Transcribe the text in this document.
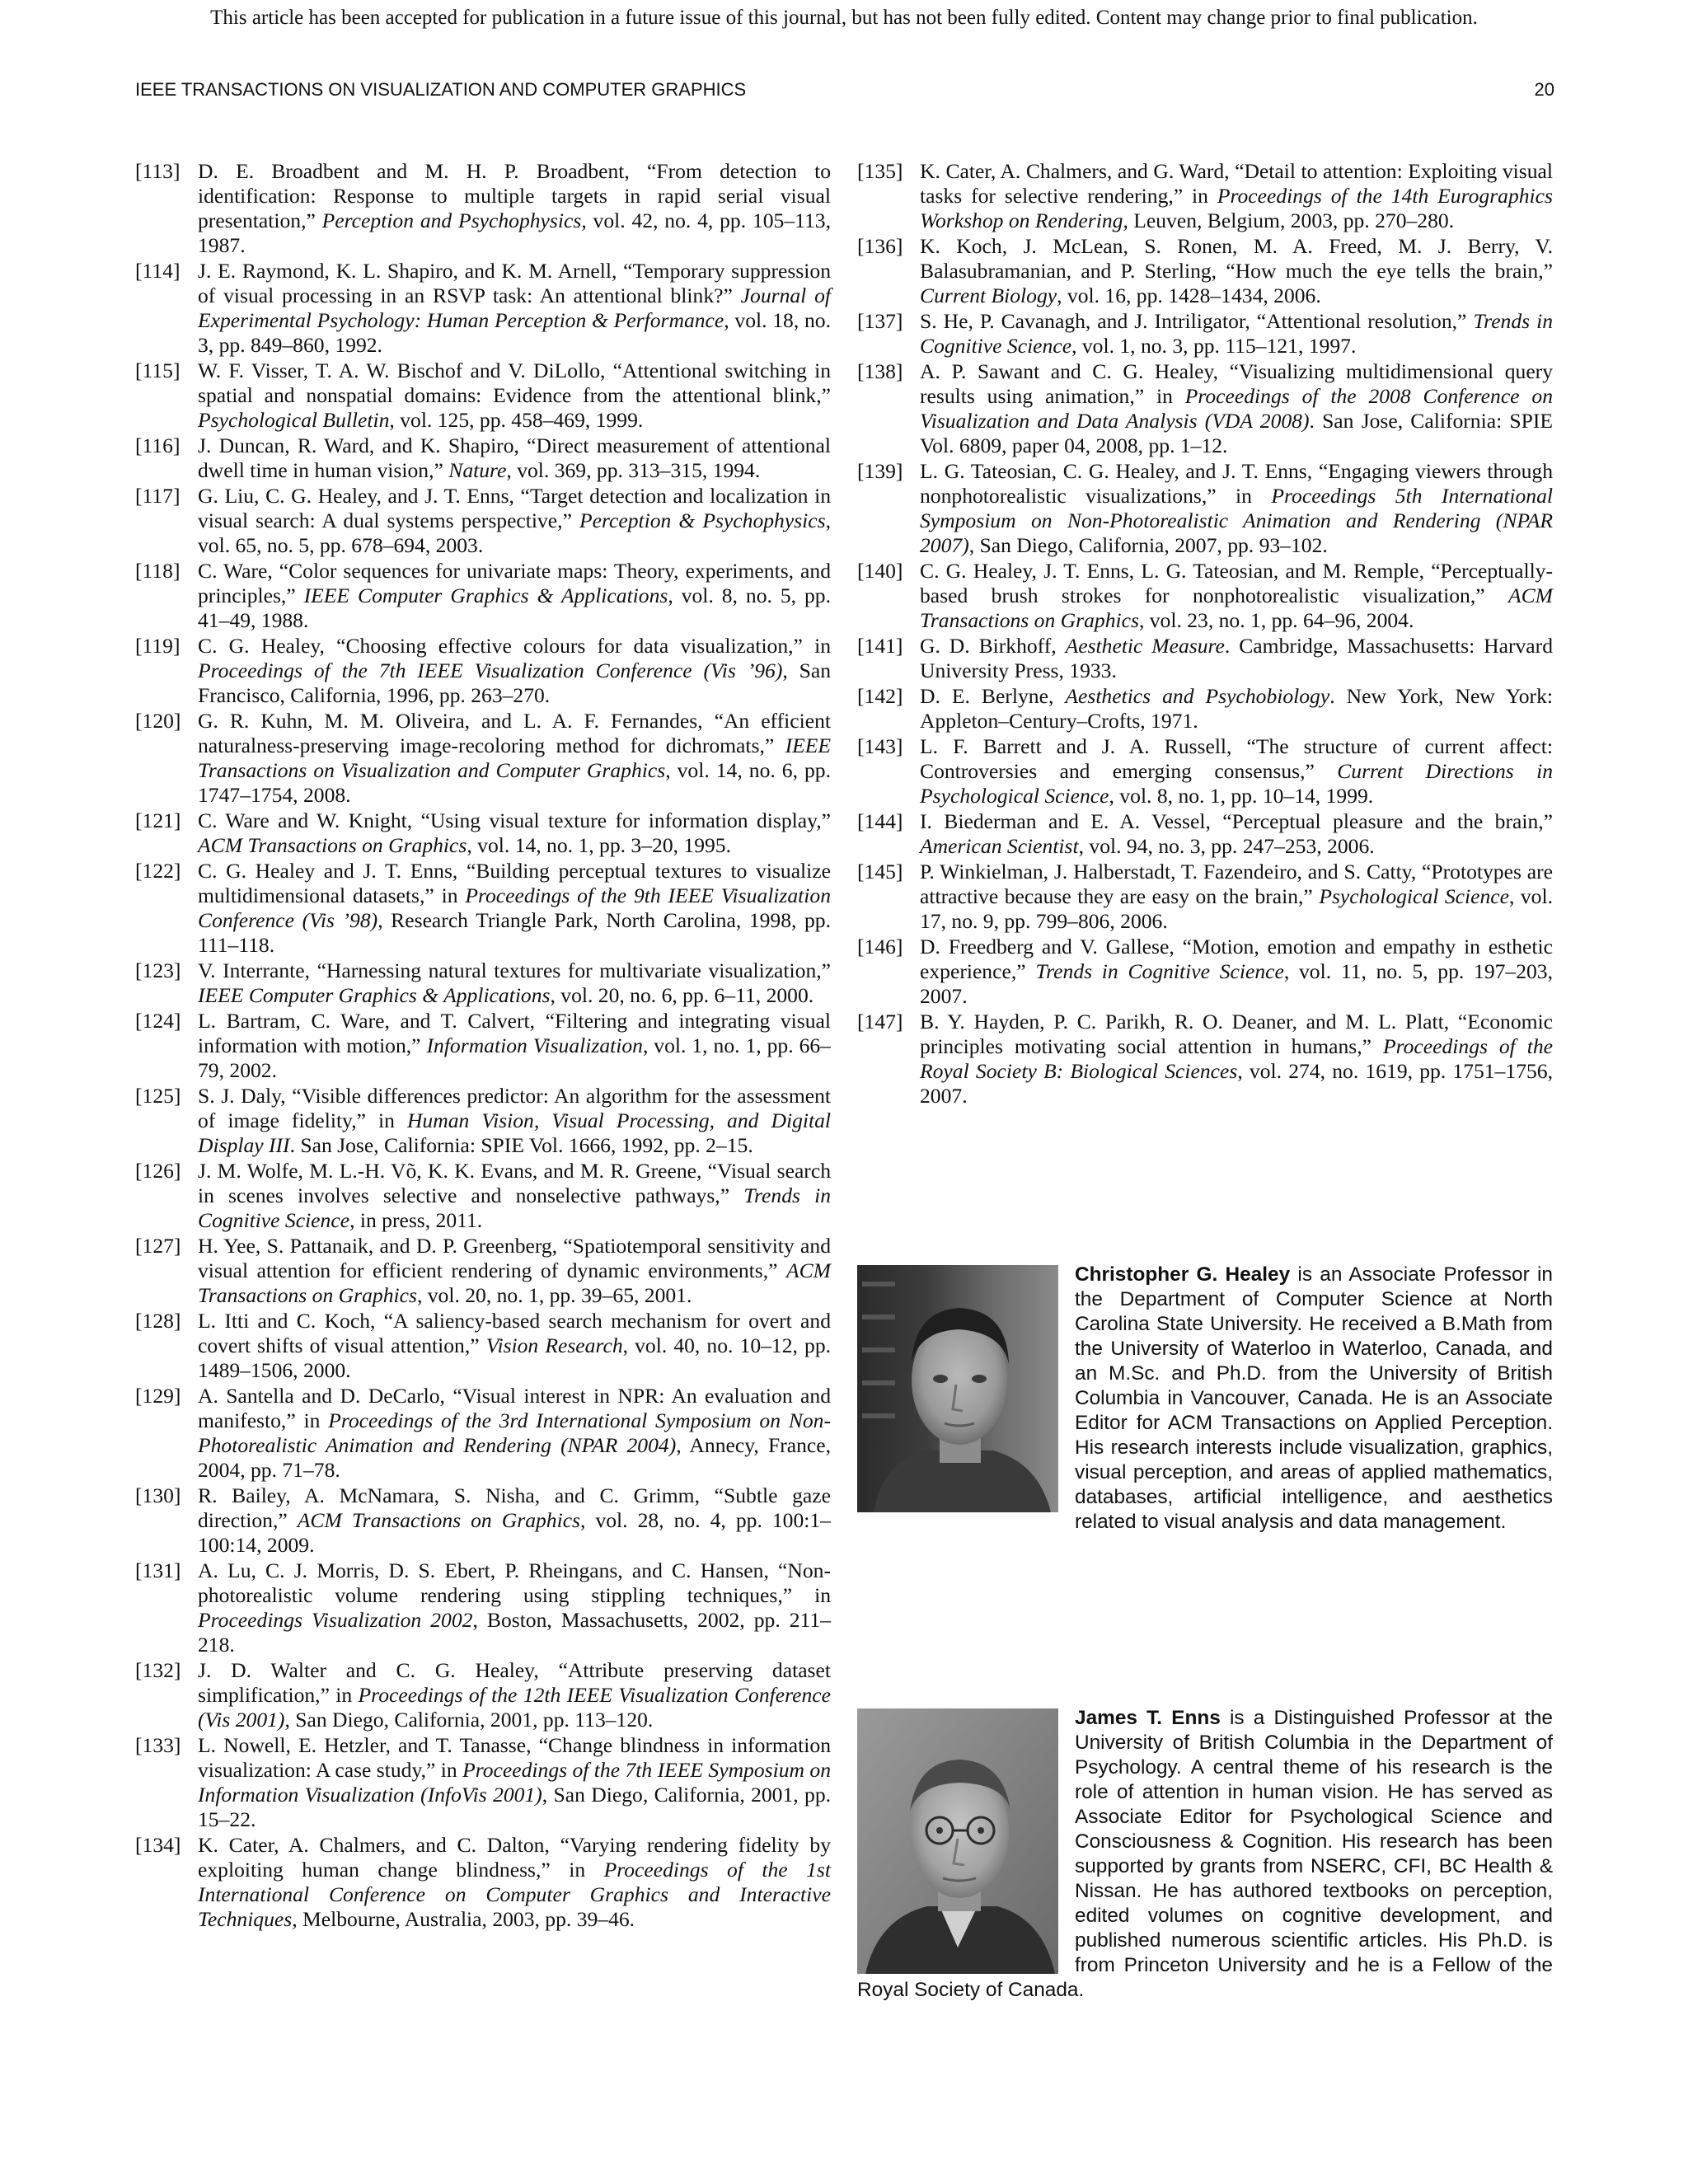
This article has been accepted for publication in a future issue of this journal, but has not been fully edited. Content may change prior to final publication.
IEEE TRANSACTIONS ON VISUALIZATION AND COMPUTER GRAPHICS	20
[113] D. E. Broadbent and M. H. P. Broadbent, “From detection to identification: Response to multiple targets in rapid serial visual presentation,” Perception and Psychophysics, vol. 42, no. 4, pp. 105–113, 1987.
[114] J. E. Raymond, K. L. Shapiro, and K. M. Arnell, “Temporary suppression of visual processing in an RSVP task: An attentional blink?” Journal of Experimental Psychology: Human Perception & Performance, vol. 18, no. 3, pp. 849–860, 1992.
[115] W. F. Visser, T. A. W. Bischof and V. DiLollo, “Attentional switching in spatial and nonspatial domains: Evidence from the attentional blink,” Psychological Bulletin, vol. 125, pp. 458–469, 1999.
[116] J. Duncan, R. Ward, and K. Shapiro, “Direct measurement of attentional dwell time in human vision,” Nature, vol. 369, pp. 313–315, 1994.
[117] G. Liu, C. G. Healey, and J. T. Enns, “Target detection and localization in visual search: A dual systems perspective,” Perception & Psychophysics, vol. 65, no. 5, pp. 678–694, 2003.
[118] C. Ware, “Color sequences for univariate maps: Theory, experiments, and principles,” IEEE Computer Graphics & Applications, vol. 8, no. 5, pp. 41–49, 1988.
[119] C. G. Healey, “Choosing effective colours for data visualization,” in Proceedings of the 7th IEEE Visualization Conference (Vis ’96), San Francisco, California, 1996, pp. 263–270.
[120] G. R. Kuhn, M. M. Oliveira, and L. A. F. Fernandes, “An efficient naturalness-preserving image-recoloring method for dichromats,” IEEE Transactions on Visualization and Computer Graphics, vol. 14, no. 6, pp. 1747–1754, 2008.
[121] C. Ware and W. Knight, “Using visual texture for information display,” ACM Transactions on Graphics, vol. 14, no. 1, pp. 3–20, 1995.
[122] C. G. Healey and J. T. Enns, “Building perceptual textures to visualize multidimensional datasets,” in Proceedings of the 9th IEEE Visualization Conference (Vis ’98), Research Triangle Park, North Carolina, 1998, pp. 111–118.
[123] V. Interrante, “Harnessing natural textures for multivariate visualization,” IEEE Computer Graphics & Applications, vol. 20, no. 6, pp. 6–11, 2000.
[124] L. Bartram, C. Ware, and T. Calvert, “Filtering and integrating visual information with motion,” Information Visualization, vol. 1, no. 1, pp. 66–79, 2002.
[125] S. J. Daly, “Visible differences predictor: An algorithm for the assessment of image fidelity,” in Human Vision, Visual Processing, and Digital Display III. San Jose, California: SPIE Vol. 1666, 1992, pp. 2–15.
[126] J. M. Wolfe, M. L.-H. Võ, K. K. Evans, and M. R. Greene, “Visual search in scenes involves selective and nonselective pathways,” Trends in Cognitive Science, in press, 2011.
[127] H. Yee, S. Pattanaik, and D. P. Greenberg, “Spatiotemporal sensitivity and visual attention for efficient rendering of dynamic environments,” ACM Transactions on Graphics, vol. 20, no. 1, pp. 39–65, 2001.
[128] L. Itti and C. Koch, “A saliency-based search mechanism for overt and covert shifts of visual attention,” Vision Research, vol. 40, no. 10–12, pp. 1489–1506, 2000.
[129] A. Santella and D. DeCarlo, “Visual interest in NPR: An evaluation and manifesto,” in Proceedings of the 3rd International Symposium on Non-Photorealistic Animation and Rendering (NPAR 2004), Annecy, France, 2004, pp. 71–78.
[130] R. Bailey, A. McNamara, S. Nisha, and C. Grimm, “Subtle gaze direction,” ACM Transactions on Graphics, vol. 28, no. 4, pp. 100:1–100:14, 2009.
[131] A. Lu, C. J. Morris, D. S. Ebert, P. Rheingans, and C. Hansen, “Non-photorealistic volume rendering using stippling techniques,” in Proceedings Visualization 2002, Boston, Massachusetts, 2002, pp. 211–218.
[132] J. D. Walter and C. G. Healey, “Attribute preserving dataset simplification,” in Proceedings of the 12th IEEE Visualization Conference (Vis 2001), San Diego, California, 2001, pp. 113–120.
[133] L. Nowell, E. Hetzler, and T. Tanasse, “Change blindness in information visualization: A case study,” in Proceedings of the 7th IEEE Symposium on Information Visualization (InfoVis 2001), San Diego, California, 2001, pp. 15–22.
[134] K. Cater, A. Chalmers, and C. Dalton, “Varying rendering fidelity by exploiting human change blindness,” in Proceedings of the 1st International Conference on Computer Graphics and Interactive Techniques, Melbourne, Australia, 2003, pp. 39–46.
[135] K. Cater, A. Chalmers, and G. Ward, “Detail to attention: Exploiting visual tasks for selective rendering,” in Proceedings of the 14th Eurographics Workshop on Rendering, Leuven, Belgium, 2003, pp. 270–280.
[136] K. Koch, J. McLean, S. Ronen, M. A. Freed, M. J. Berry, V. Balasubramanian, and P. Sterling, “How much the eye tells the brain,” Current Biology, vol. 16, pp. 1428–1434, 2006.
[137] S. He, P. Cavanagh, and J. Intriligator, “Attentional resolution,” Trends in Cognitive Science, vol. 1, no. 3, pp. 115–121, 1997.
[138] A. P. Sawant and C. G. Healey, “Visualizing multidimensional query results using animation,” in Proceedings of the 2008 Conference on Visualization and Data Analysis (VDA 2008). San Jose, California: SPIE Vol. 6809, paper 04, 2008, pp. 1–12.
[139] L. G. Tateosian, C. G. Healey, and J. T. Enns, “Engaging viewers through nonphotorealistic visualizations,” in Proceedings 5th International Symposium on Non-Photorealistic Animation and Rendering (NPAR 2007), San Diego, California, 2007, pp. 93–102.
[140] C. G. Healey, J. T. Enns, L. G. Tateosian, and M. Remple, “Perceptually-based brush strokes for nonphotorealistic visualization,” ACM Transactions on Graphics, vol. 23, no. 1, pp. 64–96, 2004.
[141] G. D. Birkhoff, Aesthetic Measure. Cambridge, Massachusetts: Harvard University Press, 1933.
[142] D. E. Berlyne, Aesthetics and Psychobiology. New York, New York: Appleton–Century–Crofts, 1971.
[143] L. F. Barrett and J. A. Russell, “The structure of current affect: Controversies and emerging consensus,” Current Directions in Psychological Science, vol. 8, no. 1, pp. 10–14, 1999.
[144] I. Biederman and E. A. Vessel, “Perceptual pleasure and the brain,” American Scientist, vol. 94, no. 3, pp. 247–253, 2006.
[145] P. Winkielman, J. Halberstadt, T. Fazendeiro, and S. Catty, “Prototypes are attractive because they are easy on the brain,” Psychological Science, vol. 17, no. 9, pp. 799–806, 2006.
[146] D. Freedberg and V. Gallese, “Motion, emotion and empathy in esthetic experience,” Trends in Cognitive Science, vol. 11, no. 5, pp. 197–203, 2007.
[147] B. Y. Hayden, P. C. Parikh, R. O. Deaner, and M. L. Platt, “Economic principles motivating social attention in humans,” Proceedings of the Royal Society B: Biological Sciences, vol. 274, no. 1619, pp. 1751–1756, 2007.
Christopher G. Healey is an Associate Professor in the Department of Computer Science at North Carolina State University. He received a B.Math from the University of Waterloo in Waterloo, Canada, and an M.Sc. and Ph.D. from the University of British Columbia in Vancouver, Canada. He is an Associate Editor for ACM Transactions on Applied Perception. His research interests include visualization, graphics, visual perception, and areas of applied mathematics, databases, artificial intelligence, and aesthetics related to visual analysis and data management.
James T. Enns is a Distinguished Professor at the University of British Columbia in the Department of Psychology. A central theme of his research is the role of attention in human vision. He has served as Associate Editor for Psychological Science and Consciousness & Cognition. His research has been supported by grants from NSERC, CFI, BC Health & Nissan. He has authored textbooks on perception, edited volumes on cognitive development, and published numerous scientific articles. His Ph.D. is from Princeton University and he is a Fellow of the Royal Society of Canada.
